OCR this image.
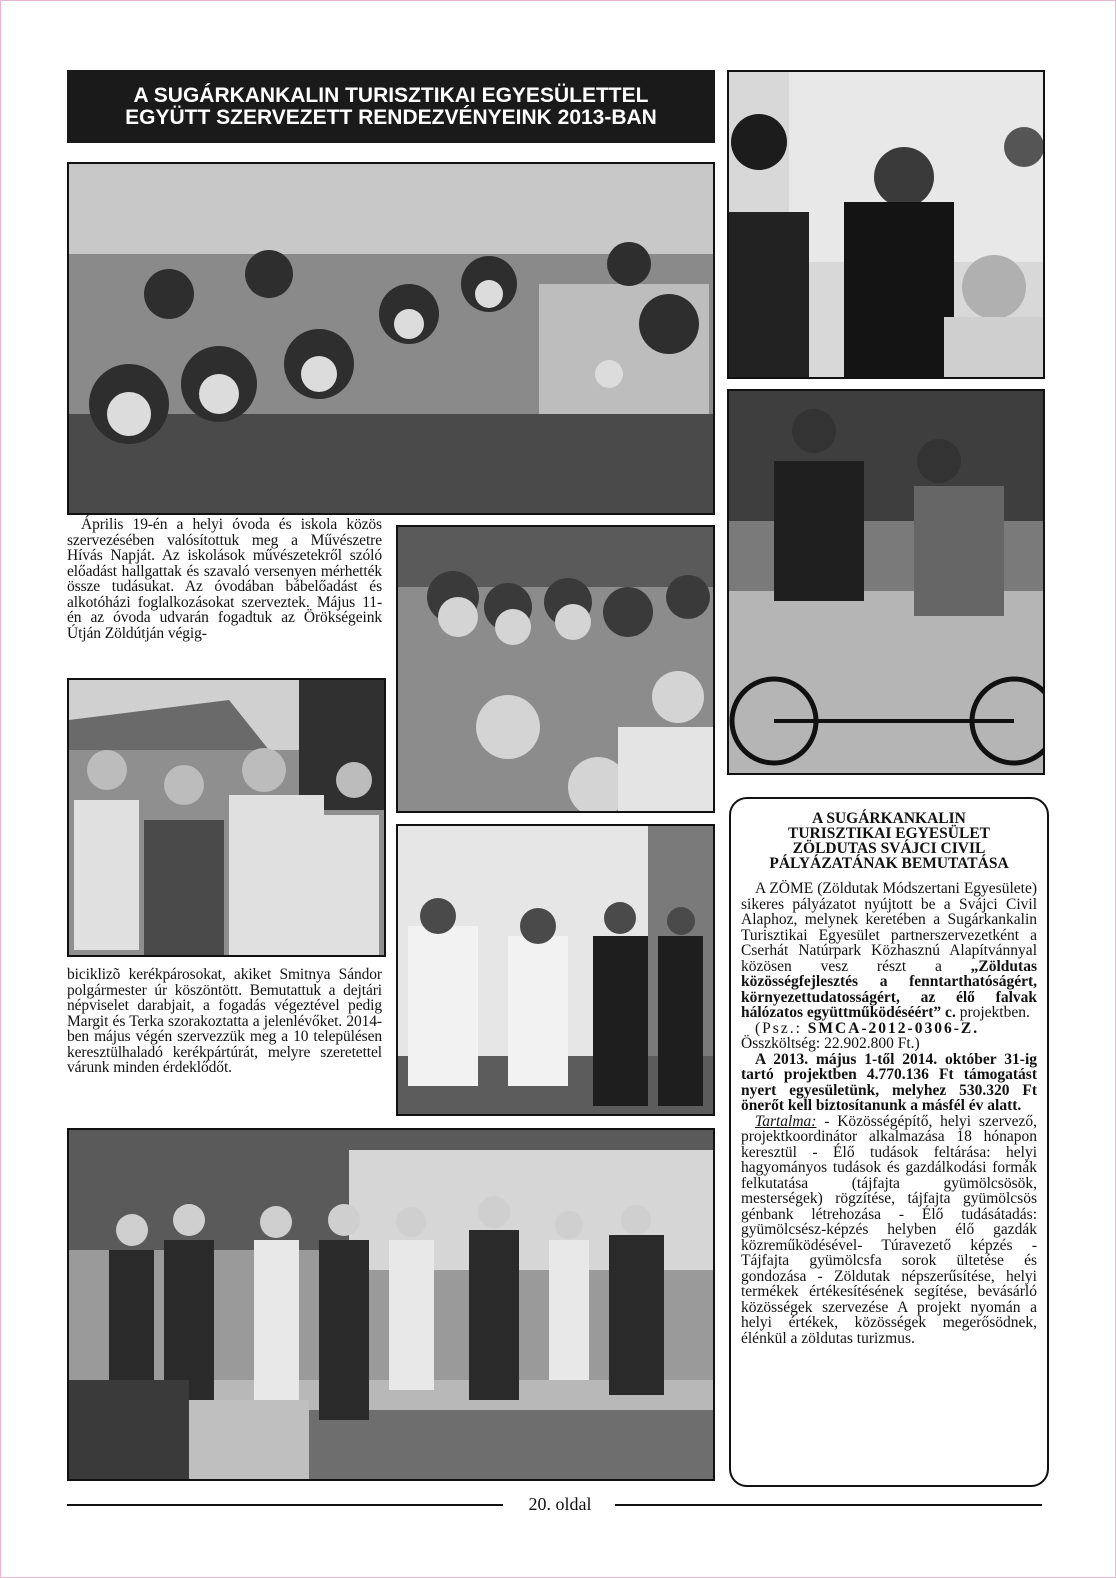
A SUGÁRKANKALIN TURISZTIKAI EGYESÜLETTEL
EGYÜTT SZERVEZETT RENDEZVÉNYEINK 2013-BAN

Április 19-én a helyi óvoda és iskola közös szervezésében valósítottuk meg a Művészetre Hívás Napját. Az iskolások művészetekről szóló előadást hallgattak és szavaló versenyen mérhették össze tudásukat. Az óvodában bábelőadást és alkotóházi foglalkozásokat szerveztek. Május 11-én az óvoda udvarán fogadtuk az Örökségeink Útján Zöldútján végig-

biciklizõ kerékpárosokat, akiket Smitnya Sándor polgármester úr köszöntött. Bemutattuk a dejtári népviselet darabjait, a fogadás végeztével pedig Margit és Terka szorakoztatta a jelenlévőket. 2014-ben május végén szervezzük meg a 10 településen keresztülhaladó kerékpártúrát, melyre szeretettel várunk minden érdeklődőt.

A SUGÁRKANKALIN
TURISZTIKAI EGYESÜLET
ZÖLDUTAS SVÁJCI CIVIL
PÁLYÁZATÁNAK BEMUTATÁSA

A ZÖME (Zöldutak Módszertani Egyesülete) sikeres pályázatot nyújtott be a Svájci Civil Alaphoz, melynek keretében a Sugárkankalin Turisztikai Egyesület partnerszervezetként a Cserhát Natúrpark Közhasznú Alapítvánnyal közösen vesz részt a „Zöldutas közösségfejlesztés a fenntarthatóságért, környezettudatosságért, az élő falvak hálózatos együttműködéséért” c. projektben.

(Psz.: SMCA-2012-0306-Z.

Összköltség: 22.902.800 Ft.)

A 2013. május 1-től 2014. október 31-ig tartó projektben 4.770.136 Ft támogatást nyert egyesületünk, melyhez 530.320 Ft önerőt kell biztosítanunk a másfél év alatt.

Tartalma: - Közösségépítő, helyi szervező, projektkoordinátor alkalmazása 18 hónapon keresztül - Élő tudások feltárása: helyi hagyományos tudások és gazdálkodási formák felkutatása (tájfajta gyümölcsösök, mesterségek) rögzítése, tájfajta gyümölcsös génbank létrehozása - Élő tudásátadás: gyümölcsész-képzés helyben élő gazdák közreműködésével- Túravezető képzés - Tájfajta gyümölcsfa sorok ültetése és gondozása - Zöldutak népszerűsítése, helyi termékek értékesítésének segítése, bevásárló közösségek szervezése A projekt nyomán a helyi értékek, közösségek megerősödnek, élénkül a zöldutas turizmus.

20. oldal
